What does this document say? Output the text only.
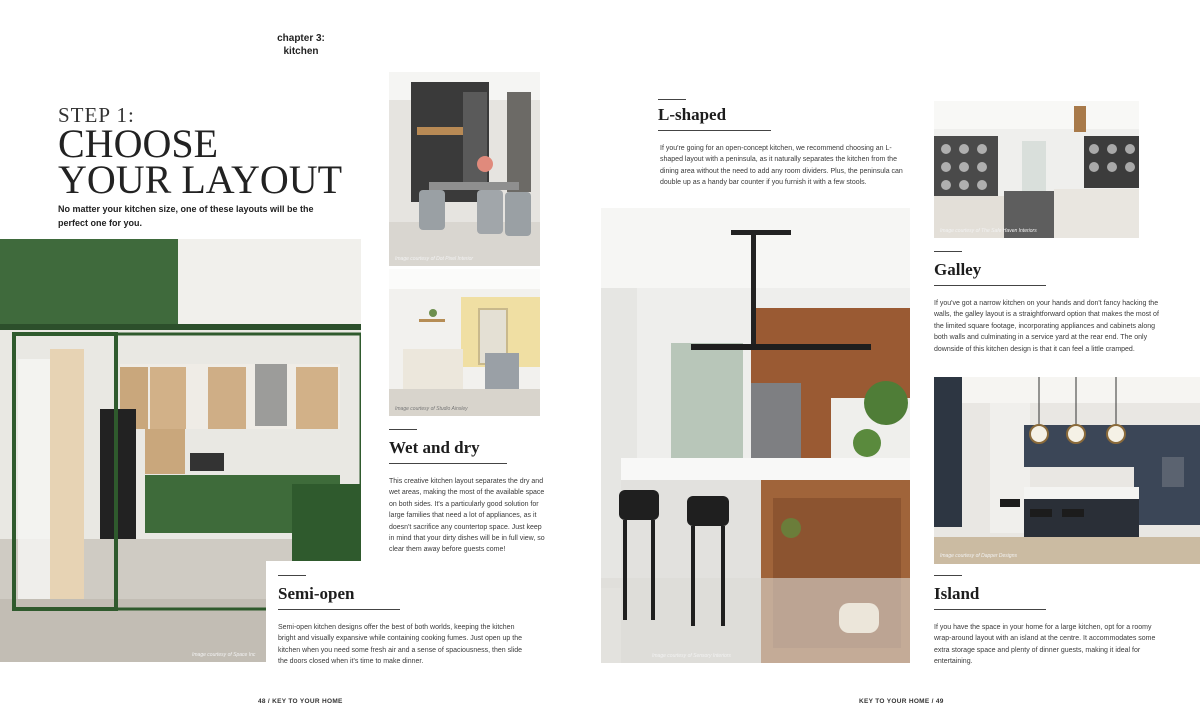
chapter 3:
kitchen
STEP 1:
CHOOSE
YOUR LAYOUT
No matter your kitchen size, one of these layouts will be the perfect one for you.
Image courtesy of Space Inc
Semi-open
Semi-open kitchen designs offer the best of both worlds, keeping the kitchen bright and visually expansive while containing cooking fumes. Just open up the kitchen when you need some fresh air and a sense of spaciousness, then slide the doors closed when it's time to make dinner.
Image courtesy of Dot Pixel Interior
Image courtesy of Studio Ainsley
Wet and dry
This creative kitchen layout separates the dry and wet areas, making the most of the available space on both sides. It's a particularly good solution for large families that need a lot of appliances, as it doesn't sacrifice any countertop space. Just keep in mind that your dirty dishes will be in full view, so clear them away before guests come!
48 / KEY TO YOUR HOME
L-shaped
If you're going for an open-concept kitchen, we recommend choosing an L-shaped layout with a peninsula, as it naturally separates the kitchen from the dining area without the need to add any room dividers. Plus, the peninsula can double up as a handy bar counter if you furnish it with a few stools.
Image courtesy of Sensory Interiors
Image courtesy of The Safe Haven Interiors
Galley
If you've got a narrow kitchen on your hands and don't fancy hacking the walls, the galley layout is a straightforward option that makes the most of the limited square footage, incorporating appliances and cabinets along both walls and culminating in a service yard at the rear end. The only downside of this kitchen design is that it can feel a little cramped.
Image courtesy of Dapper Designs
Island
If you have the space in your home for a large kitchen, opt for a roomy wrap-around layout with an island at the centre. It accommodates some extra storage space and plenty of dinner guests, making it ideal for entertaining.
KEY TO YOUR HOME / 49
